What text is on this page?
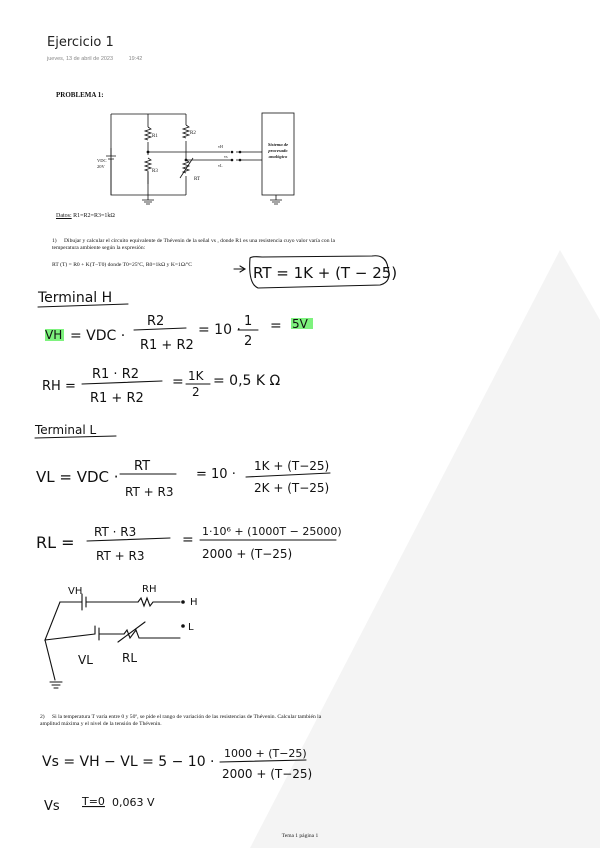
Ejercicio 1
jueves, 13 de abril de 2023	19:42
PROBLEMA 1:
R1
R3
R2
RT
VDC
20V
vH
vs
vL
Sistema de
procesado
analógico
Datos: R1=R2=R3=1kΩ
1) Dibujar y calcular el circuito equivalente de Thévenin de la señal vs , donde R1 es una resistencia cuyo valor varía con la temperatura ambiente según la expresión:
RT (T) = R0 + K(T−T0) donde T0=25ºC, R0=1kΩ y K=1Ω/ºC	RT = 1K + (T − 25)
Terminal H
VH = VDC ·
R2
R1 + R2
= 10 ·
1
2
= 5V
RH =
R1 · R2
R1 + R2
= 1K
2
= 0,5 K Ω
Terminal L
VL = VDC ·
RT
RT + R3
= 10 ·
1K + (T−25)
2K + (T−25)
RL =
RT · R3
RT + R3
=
1·10⁶ + (1000T − 25000)
2000 + (T−25)
VH	RH
H
L
VL RL
Vs = VH − VL = 5 − 10 ·
1000 + (T−25)
2000 + (T−25)
Vs T=0 0,063 V
2) Si la temperatura T varía entre 0 y 50º, se pide el rango de variación de las resistencias de Thévenin. Calcular también la amplitud máxima y el nivel de la tensión de Thévenin.
Tema 1 página 1
